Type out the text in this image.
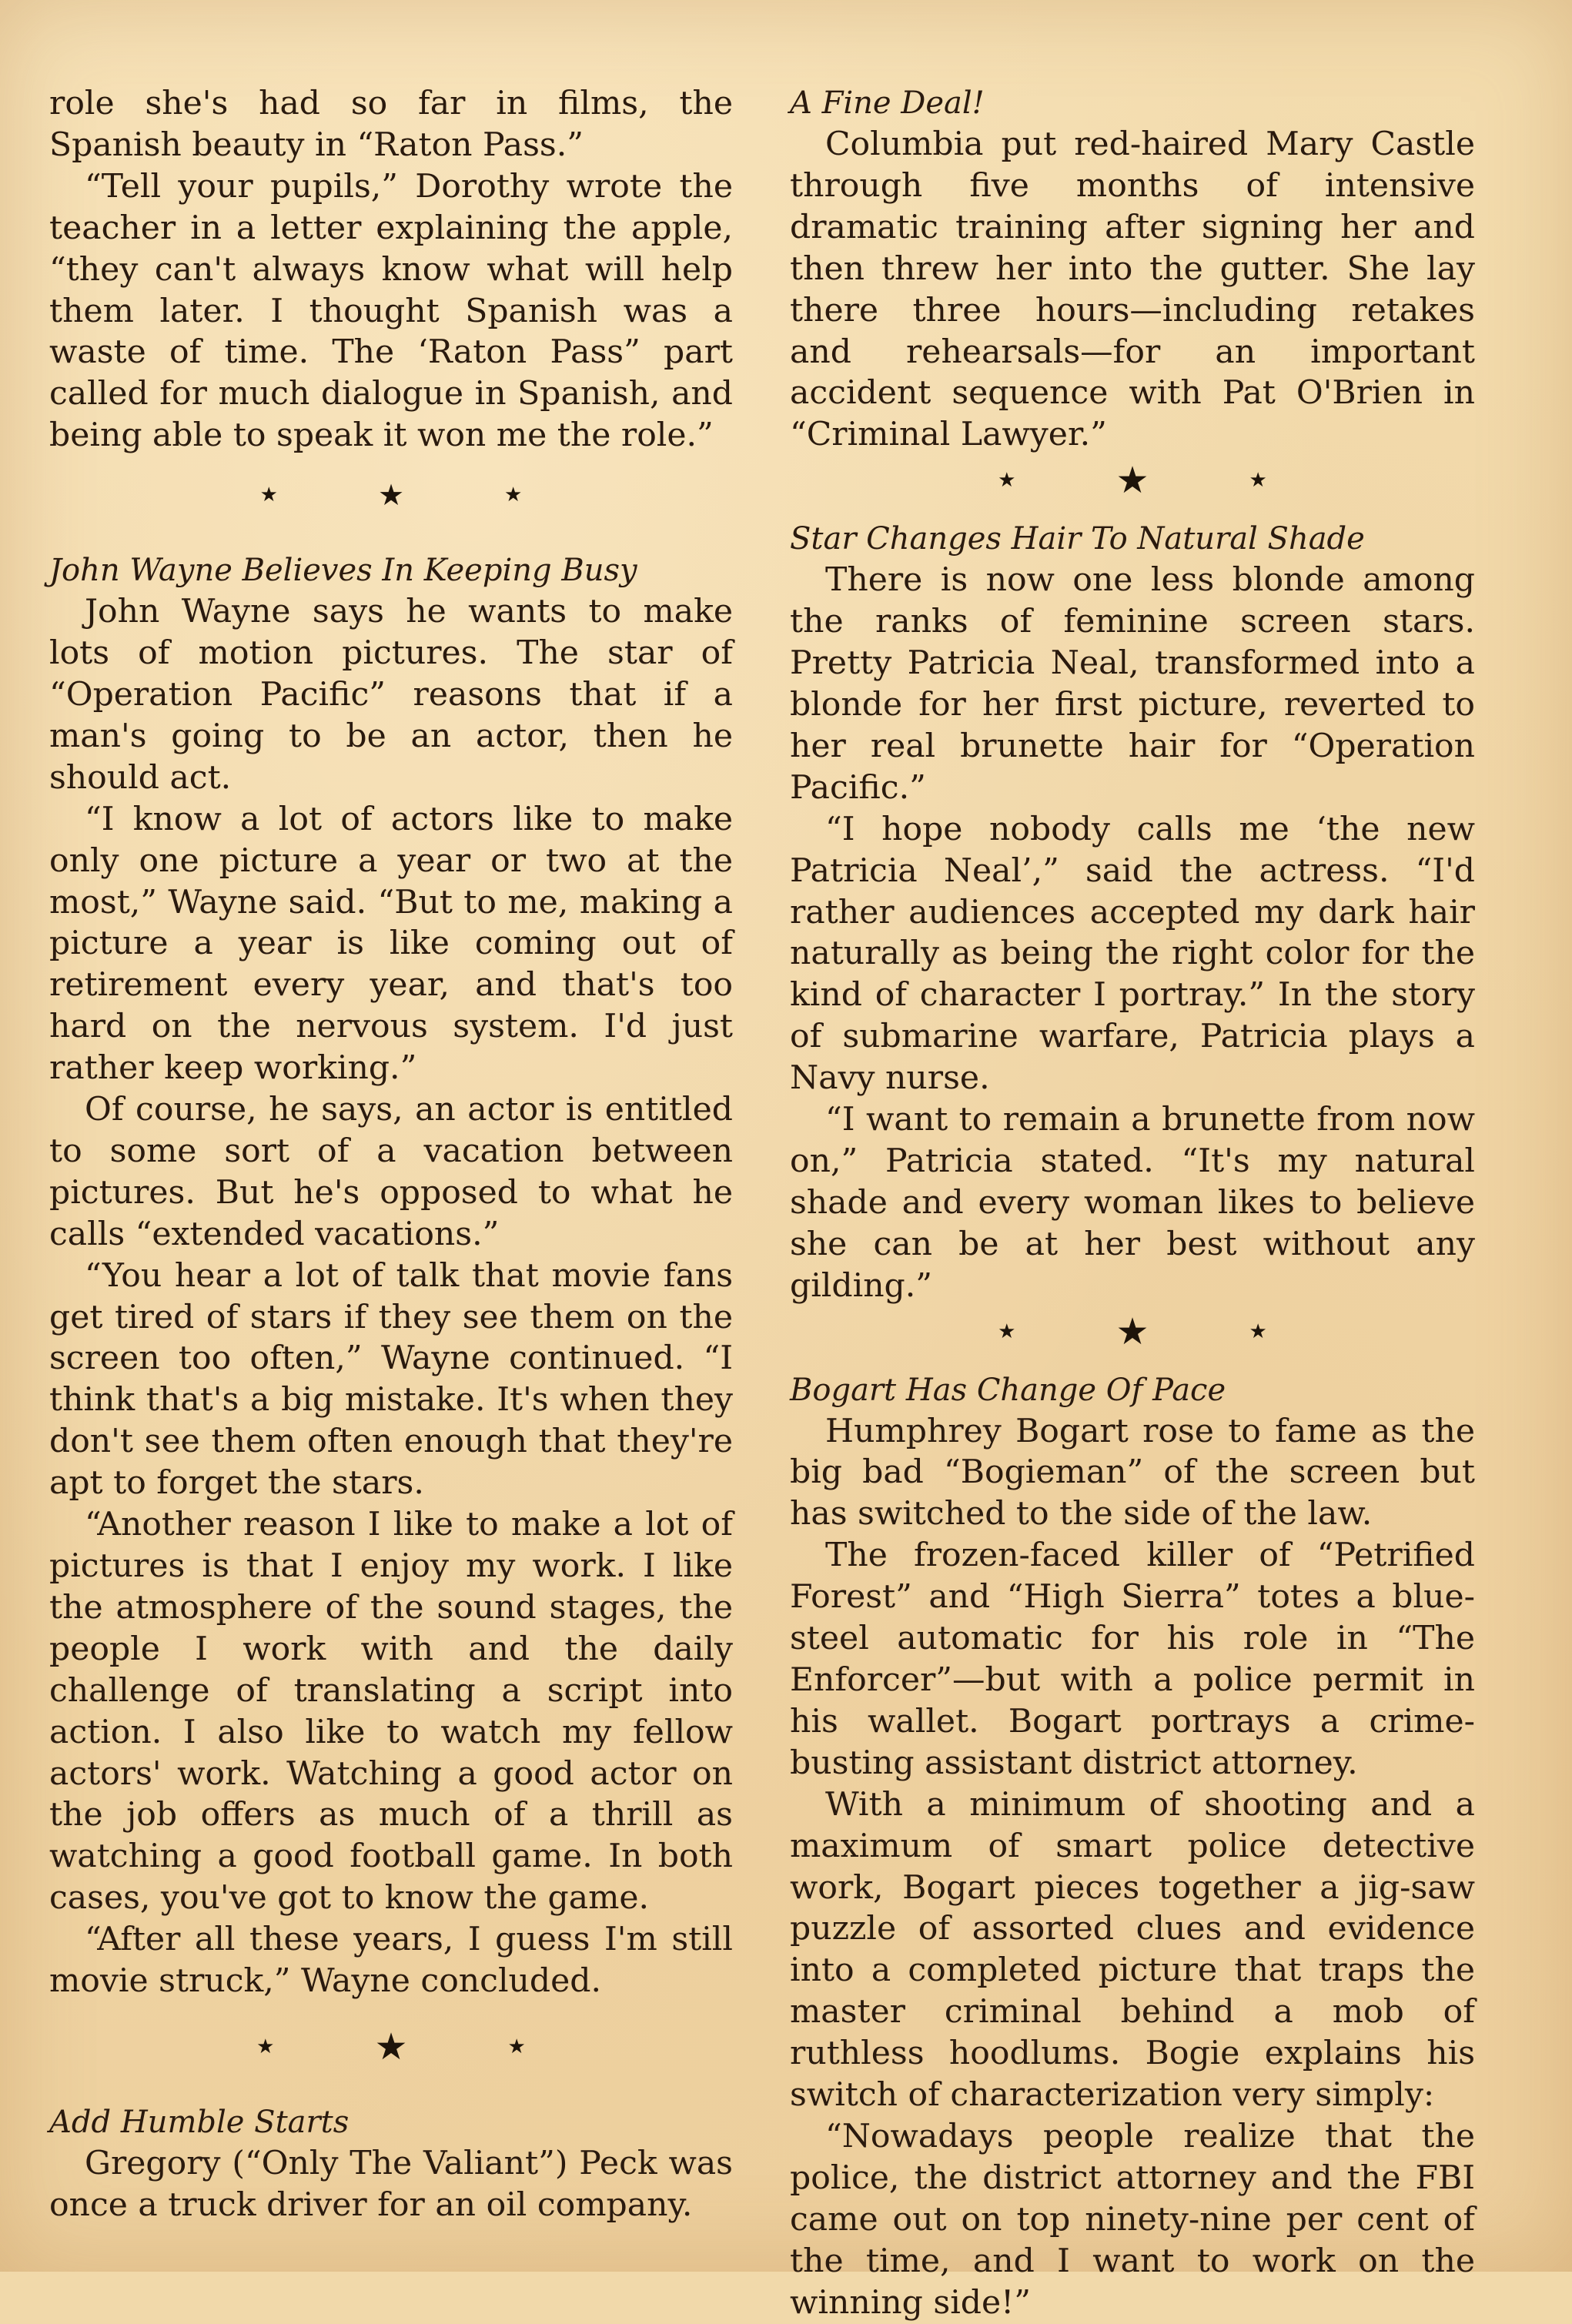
role she's had so far in films, the Spanish beauty in “Raton Pass.”

“Tell your pupils,” Dorothy wrote the teacher in a letter explaining the apple, “they can't always know what will help them later. I thought Spanish was a waste of time. The ‘Raton Pass” part called for much dialogue in Spanish, and being able to speak it won me the role.”

★	★	★
John Wayne Believes In Keeping Busy

John Wayne says he wants to make lots of motion pictures. The star of “Operation Pacific” reasons that if a man's going to be an actor, then he should act.

“I know a lot of actors like to make only one picture a year or two at the most,” Wayne said. “But to me, making a picture a year is like coming out of retirement every year, and that's too hard on the nervous system. I'd just rather keep working.”

Of course, he says, an actor is entitled to some sort of a vacation between pictures. But he's opposed to what he calls “extended vacations.”

“You hear a lot of talk that movie fans get tired of stars if they see them on the screen too often,” Wayne continued. “I think that's a big mistake. It's when they don't see them often enough that they're apt to forget the stars.

“Another reason I like to make a lot of pictures is that I enjoy my work. I like the atmosphere of the sound stages, the people I work with and the daily challenge of translating a script into action. I also like to watch my fellow actors' work. Watching a good actor on the job offers as much of a thrill as watching a good football game. In both cases, you've got to know the game.

“After all these years, I guess I'm still movie struck,” Wayne concluded.

★	★	★
Add Humble Starts

Gregory (“Only The Valiant”) Peck was once a truck driver for an oil company.

A Fine Deal!

Columbia put red-haired Mary Castle through five months of intensive dramatic training after signing her and then threw her into the gutter. She lay there three hours—including retakes and rehearsals—for an important accident sequence with Pat O'Brien in “Criminal Lawyer.”

★	★	★
Star Changes Hair To Natural Shade

There is now one less blonde among the ranks of feminine screen stars. Pretty Patricia Neal, transformed into a blonde for her first picture, reverted to her real brunette hair for “Operation Pacific.”

“I hope nobody calls me ‘the new Patricia Neal’,” said the actress. “I'd rather audiences accepted my dark hair naturally as being the right color for the kind of character I portray.” In the story of submarine warfare, Patricia plays a Navy nurse.

“I want to remain a brunette from now on,” Patricia stated. “It's my natural shade and every woman likes to believe she can be at her best without any gilding.”

★	★	★
Bogart Has Change Of Pace

Humphrey Bogart rose to fame as the big bad “Bogieman” of the screen but has switched to the side of the law.

The frozen-faced killer of “Petrified Forest” and “High Sierra” totes a blue-steel automatic for his role in “The Enforcer”—but with a police permit in his wallet. Bogart portrays a crime-busting assistant district attorney.

With a minimum of shooting and a maximum of smart police detective work, Bogart pieces together a jig-saw puzzle of assorted clues and evidence into a completed picture that traps the master criminal behind a mob of ruthless hoodlums. Bogie explains his switch of characterization very simply:

“Nowadays people realize that the police, the district attorney and the FBI came out on top ninety-nine per cent of the time, and I want to work on the winning side!”
